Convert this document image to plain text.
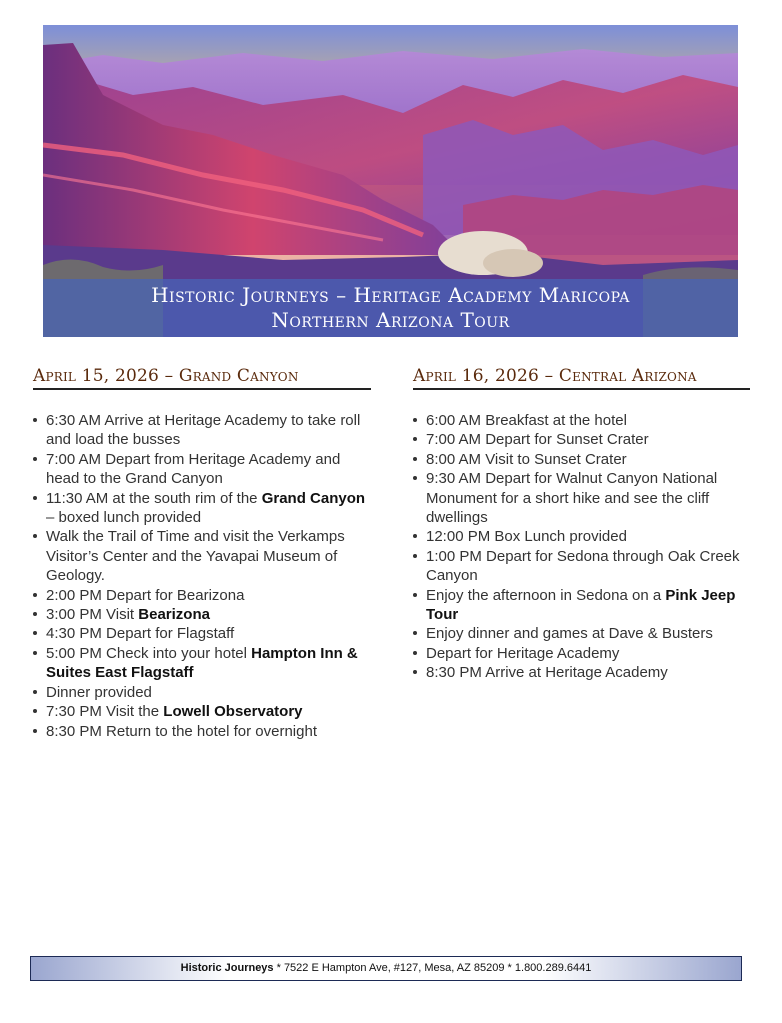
Historic Journeys – Heritage Academy Maricopa
Northern Arizona Tour
April 15, 2026 – Grand Canyon
6:30 AM Arrive at Heritage Academy to take roll and load the busses
7:00 AM Depart from Heritage Academy and head to the Grand Canyon
11:30 AM at the south rim of the Grand Canyon – boxed lunch provided
Walk the Trail of Time and visit the Verkamps Visitor’s Center and the Yavapai Museum of Geology.
2:00 PM Depart for Bearizona
3:00 PM Visit Bearizona
4:30 PM Depart for Flagstaff
5:00 PM Check into your hotel Hampton Inn & Suites East Flagstaff
Dinner provided
7:30 PM Visit the Lowell Observatory
8:30 PM Return to the hotel for overnight
April 16, 2026 – Central Arizona
6:00 AM Breakfast at the hotel
7:00 AM Depart for Sunset Crater
8:00 AM Visit to Sunset Crater
9:30 AM Depart for Walnut Canyon National Monument for a short hike and see the cliff dwellings
12:00 PM Box Lunch provided
1:00 PM Depart for Sedona through Oak Creek Canyon
Enjoy the afternoon in Sedona on a Pink Jeep Tour
Enjoy dinner and games at Dave & Busters
Depart for Heritage Academy
8:30 PM Arrive at Heritage Academy
Historic Journeys * 7522 E Hampton Ave, #127, Mesa, AZ 85209 * 1.800.289.6441
